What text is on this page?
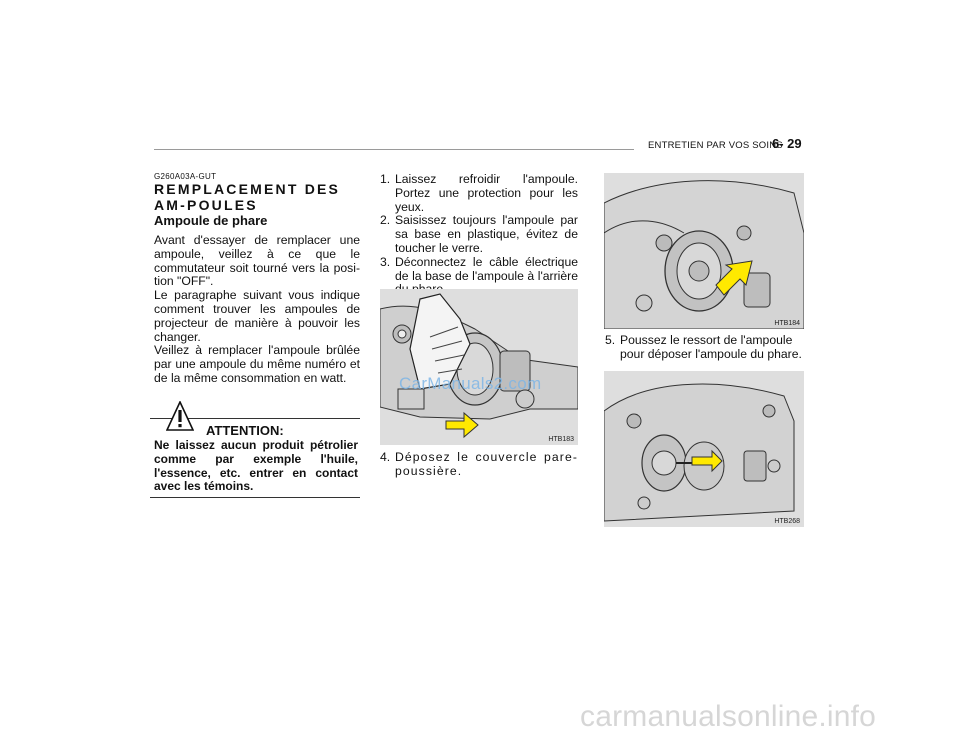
ENTRETIEN PAR VOS SOINS
6- 29
G260A03A-GUT
REMPLACEMENT DES AM-POULES
Ampoule de phare

Avant d'essayer de remplacer une ampoule, veillez à ce que le commutateur soit tourné vers la posi-tion "OFF".

Le paragraphe suivant vous indique comment trouver les ampoules de projecteur de manière à pouvoir les changer.

Veillez à remplacer l'ampoule brûlée par une ampoule du même numéro et de la même consommation en watt.

ATTENTION:

Ne laissez aucun produit pétrolier comme par exemple l'huile, l'essence, etc. entrer en contact avec les témoins.

1. Laissez refroidir l'ampoule. Portez une protection pour les yeux.
2. Saisissez toujours l'ampoule par sa base en plastique, évitez de toucher le verre.
3. Déconnectez le câble électrique de la base de l'ampoule à l'arrière
HTB183
CarManuals2.com
4. Déposez le couvercle pare-poussière.
HTB184
5. Poussez le ressort de l'ampoule pour déposer l'ampoule du phare.
HTB268
carmanualsonline.info
